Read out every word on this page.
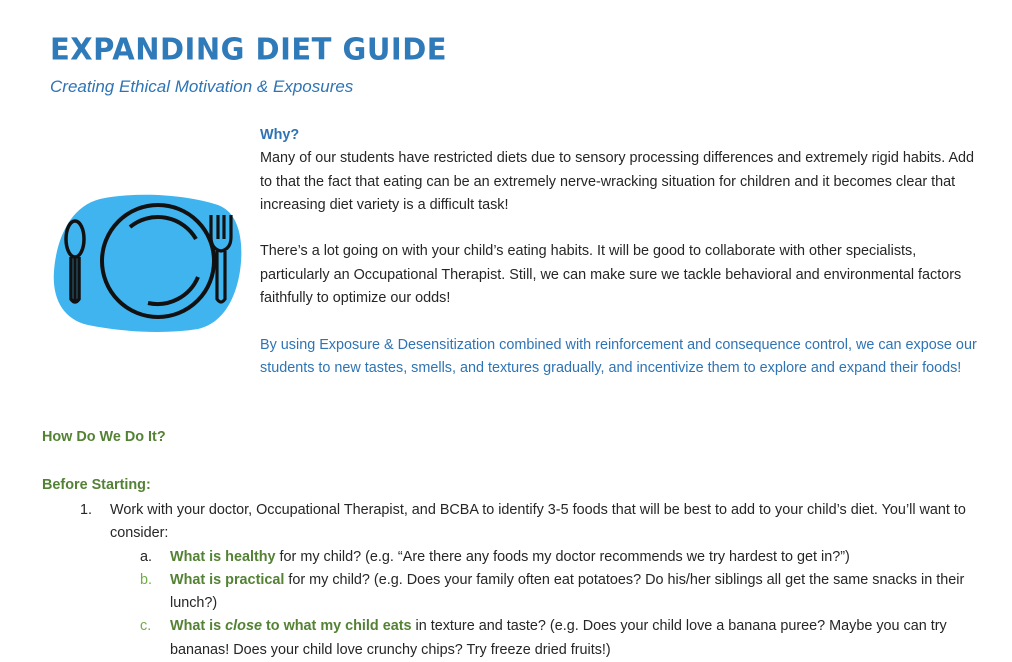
EXPANDING DIET GUIDE

Creating Ethical Motivation & Exposures

Why?

Many of our students have restricted diets due to sensory processing differences and extremely rigid habits. Add to that the fact that eating can be an extremely nerve-wracking situation for children and it becomes clear that increasing diet variety is a difficult task!

There’s a lot going on with your child’s eating habits. It will be good to collaborate with other specialists, particularly an Occupational Therapist. Still, we can make sure we tackle behavioral and environmental factors faithfully to optimize our odds!

By using Exposure & Desensitization combined with reinforcement and consequence control, we can expose our students to new tastes, smells, and textures gradually, and incentivize them to explore and expand their foods!

How Do We Do It?
Before Starting:
1. Work with your doctor, Occupational Therapist, and BCBA to identify 3-5 foods that will be best to add to your child’s diet. You’ll want to consider:
a. What is healthy for my child? (e.g. “Are there any foods my doctor recommends we try hardest to get in?”)
b. What is practical for my child? (e.g. Does your family often eat potatoes? Do his/her siblings all get the same snacks in their lunch?)
c. What is close to what my child eats in texture and taste? (e.g. Does your child love a banana puree? Maybe you can try bananas! Does your child love crunchy chips? Try freeze dried fruits!)
